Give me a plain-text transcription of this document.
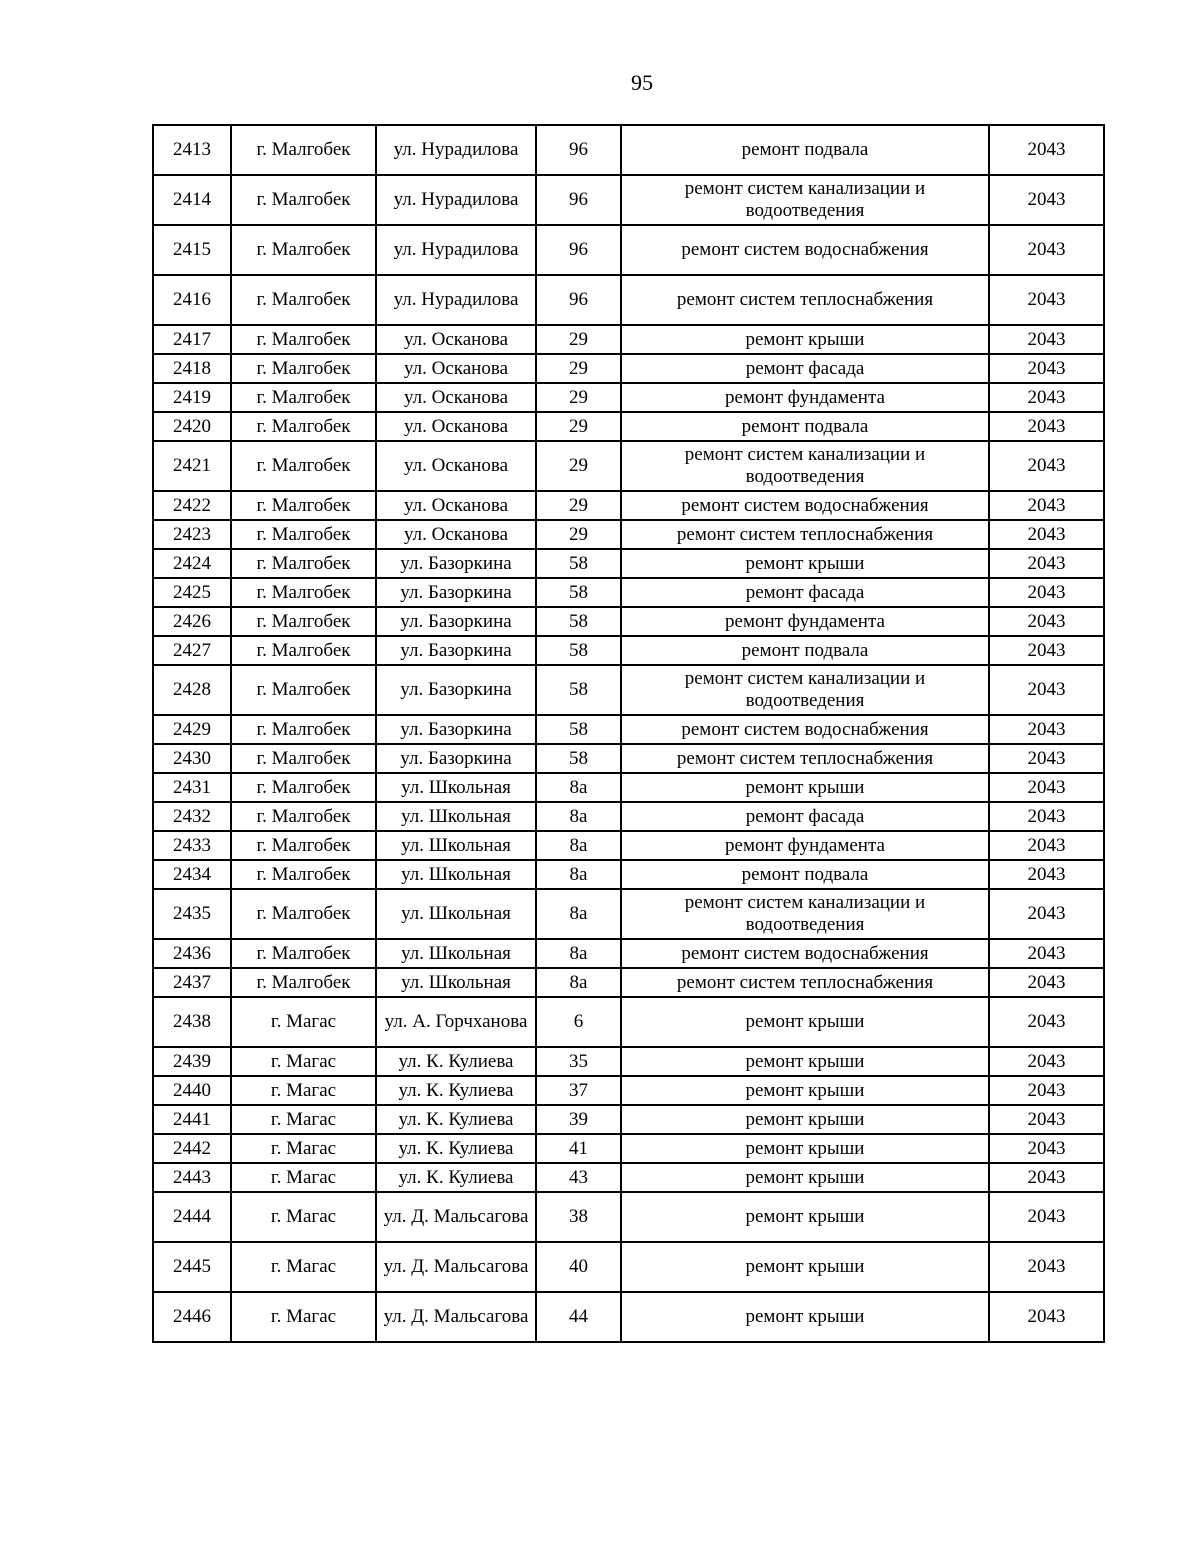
95
2413	г. Малгобек	ул. Нурадилова	96	ремонт подвала	2043
2414	г. Малгобек	ул. Нурадилова	96	ремонт систем канализации и водоотведения	2043
2415	г. Малгобек	ул. Нурадилова	96	ремонт систем водоснабжения	2043
2416	г. Малгобек	ул. Нурадилова	96	ремонт систем теплоснабжения	2043
2417	г. Малгобек	ул. Осканова	29	ремонт крыши	2043
2418	г. Малгобек	ул. Осканова	29	ремонт фасада	2043
2419	г. Малгобек	ул. Осканова	29	ремонт фундамента	2043
2420	г. Малгобек	ул. Осканова	29	ремонт подвала	2043
2421	г. Малгобек	ул. Осканова	29	ремонт систем канализации и водоотведения	2043
2422	г. Малгобек	ул. Осканова	29	ремонт систем водоснабжения	2043
2423	г. Малгобек	ул. Осканова	29	ремонт систем теплоснабжения	2043
2424	г. Малгобек	ул. Базоркина	58	ремонт крыши	2043
2425	г. Малгобек	ул. Базоркина	58	ремонт фасада	2043
2426	г. Малгобек	ул. Базоркина	58	ремонт фундамента	2043
2427	г. Малгобек	ул. Базоркина	58	ремонт подвала	2043
2428	г. Малгобек	ул. Базоркина	58	ремонт систем канализации и водоотведения	2043
2429	г. Малгобек	ул. Базоркина	58	ремонт систем водоснабжения	2043
2430	г. Малгобек	ул. Базоркина	58	ремонт систем теплоснабжения	2043
2431	г. Малгобек	ул. Школьная	8а	ремонт крыши	2043
2432	г. Малгобек	ул. Школьная	8а	ремонт фасада	2043
2433	г. Малгобек	ул. Школьная	8а	ремонт фундамента	2043
2434	г. Малгобек	ул. Школьная	8а	ремонт подвала	2043
2435	г. Малгобек	ул. Школьная	8а	ремонт систем канализации и водоотведения	2043
2436	г. Малгобек	ул. Школьная	8а	ремонт систем водоснабжения	2043
2437	г. Малгобек	ул. Школьная	8а	ремонт систем теплоснабжения	2043
2438	г. Магас	ул. А. Горчханова	6	ремонт крыши	2043
2439	г. Магас	ул. К. Кулиева	35	ремонт крыши	2043
2440	г. Магас	ул. К. Кулиева	37	ремонт крыши	2043
2441	г. Магас	ул. К. Кулиева	39	ремонт крыши	2043
2442	г. Магас	ул. К. Кулиева	41	ремонт крыши	2043
2443	г. Магас	ул. К. Кулиева	43	ремонт крыши	2043
2444	г. Магас	ул. Д. Мальсагова	38	ремонт крыши	2043
2445	г. Магас	ул. Д. Мальсагова	40	ремонт крыши	2043
2446	г. Магас	ул. Д. Мальсагова	44	ремонт крыши	2043
